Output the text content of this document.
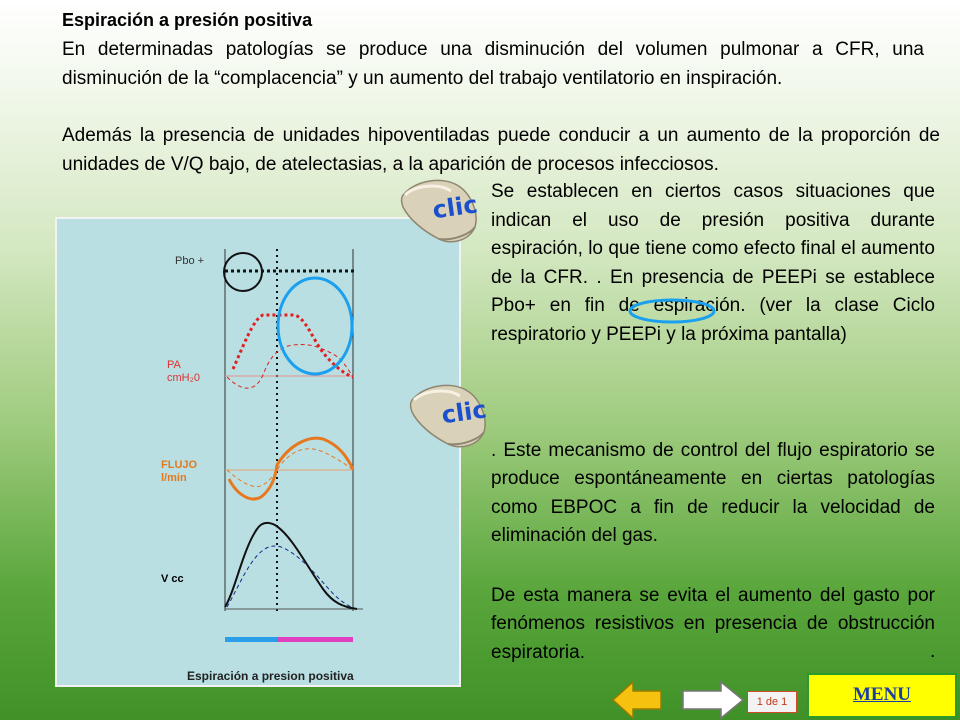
Espiración a presión positiva
En determinadas patologías se produce una disminución del volumen pulmonar a CFR, una disminución de la “complacencia” y un aumento del trabajo ventilatorio en inspiración.
Además la presencia de unidades hipoventiladas puede conducir a un aumento de la proporción de unidades de V/Q bajo, de atelectasias, a la aparición de procesos infecciosos.
Se establecen en ciertos casos situaciones que indican el uso de presión positiva durante espiración, lo que tiene como efecto final el aumento de la CFR. . En presencia de PEEPi se establece Pbo+ en fin de espiración. (ver la clase Ciclo respiratorio y PEEPi y la próxima pantalla)
. Este mecanismo de control del flujo espiratorio se produce espontáneamente en ciertas patologías como EBPOC a fin de reducir la velocidad de eliminación del gas.
De esta manera se evita el aumento del gasto por fenómenos resistivos en presencia de obstrucción espiratoria.	.
Pbo +
PA
cmH₂0
FLUJO
l/min
V cc
Espiración a presion positiva
clic
clic
1 de 1	MENU
